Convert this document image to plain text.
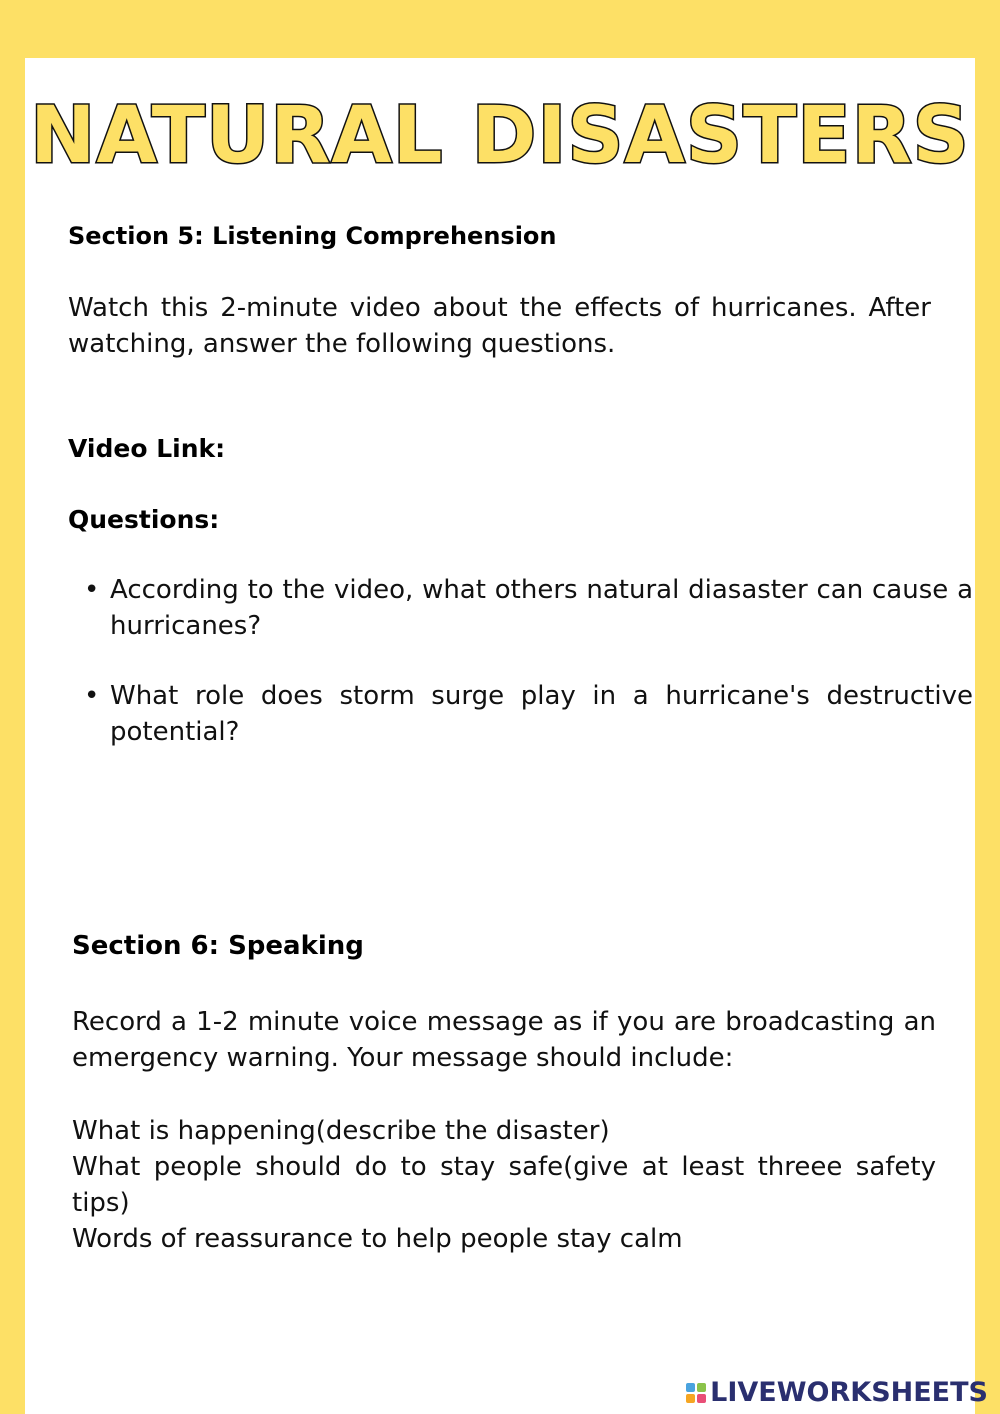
NATURAL DISASTERS
Section 5: Listening Comprehension
Watch this 2-minute video about the effects of hurricanes. After watching, answer the following questions.
Video Link:
Questions:
• According to the video, what others natural diasaster can cause a hurricanes?
• What role does storm surge play in a hurricane's destructive potential?
Section 6: Speaking
Record a 1-2 minute voice message as if you are broadcasting an emergency warning. Your message should include:
What is happening(describe the disaster)
What people should do to stay safe(give at least threee safety tips)
Words of reassurance to help people stay calm
LIVEWORKSHEETS
